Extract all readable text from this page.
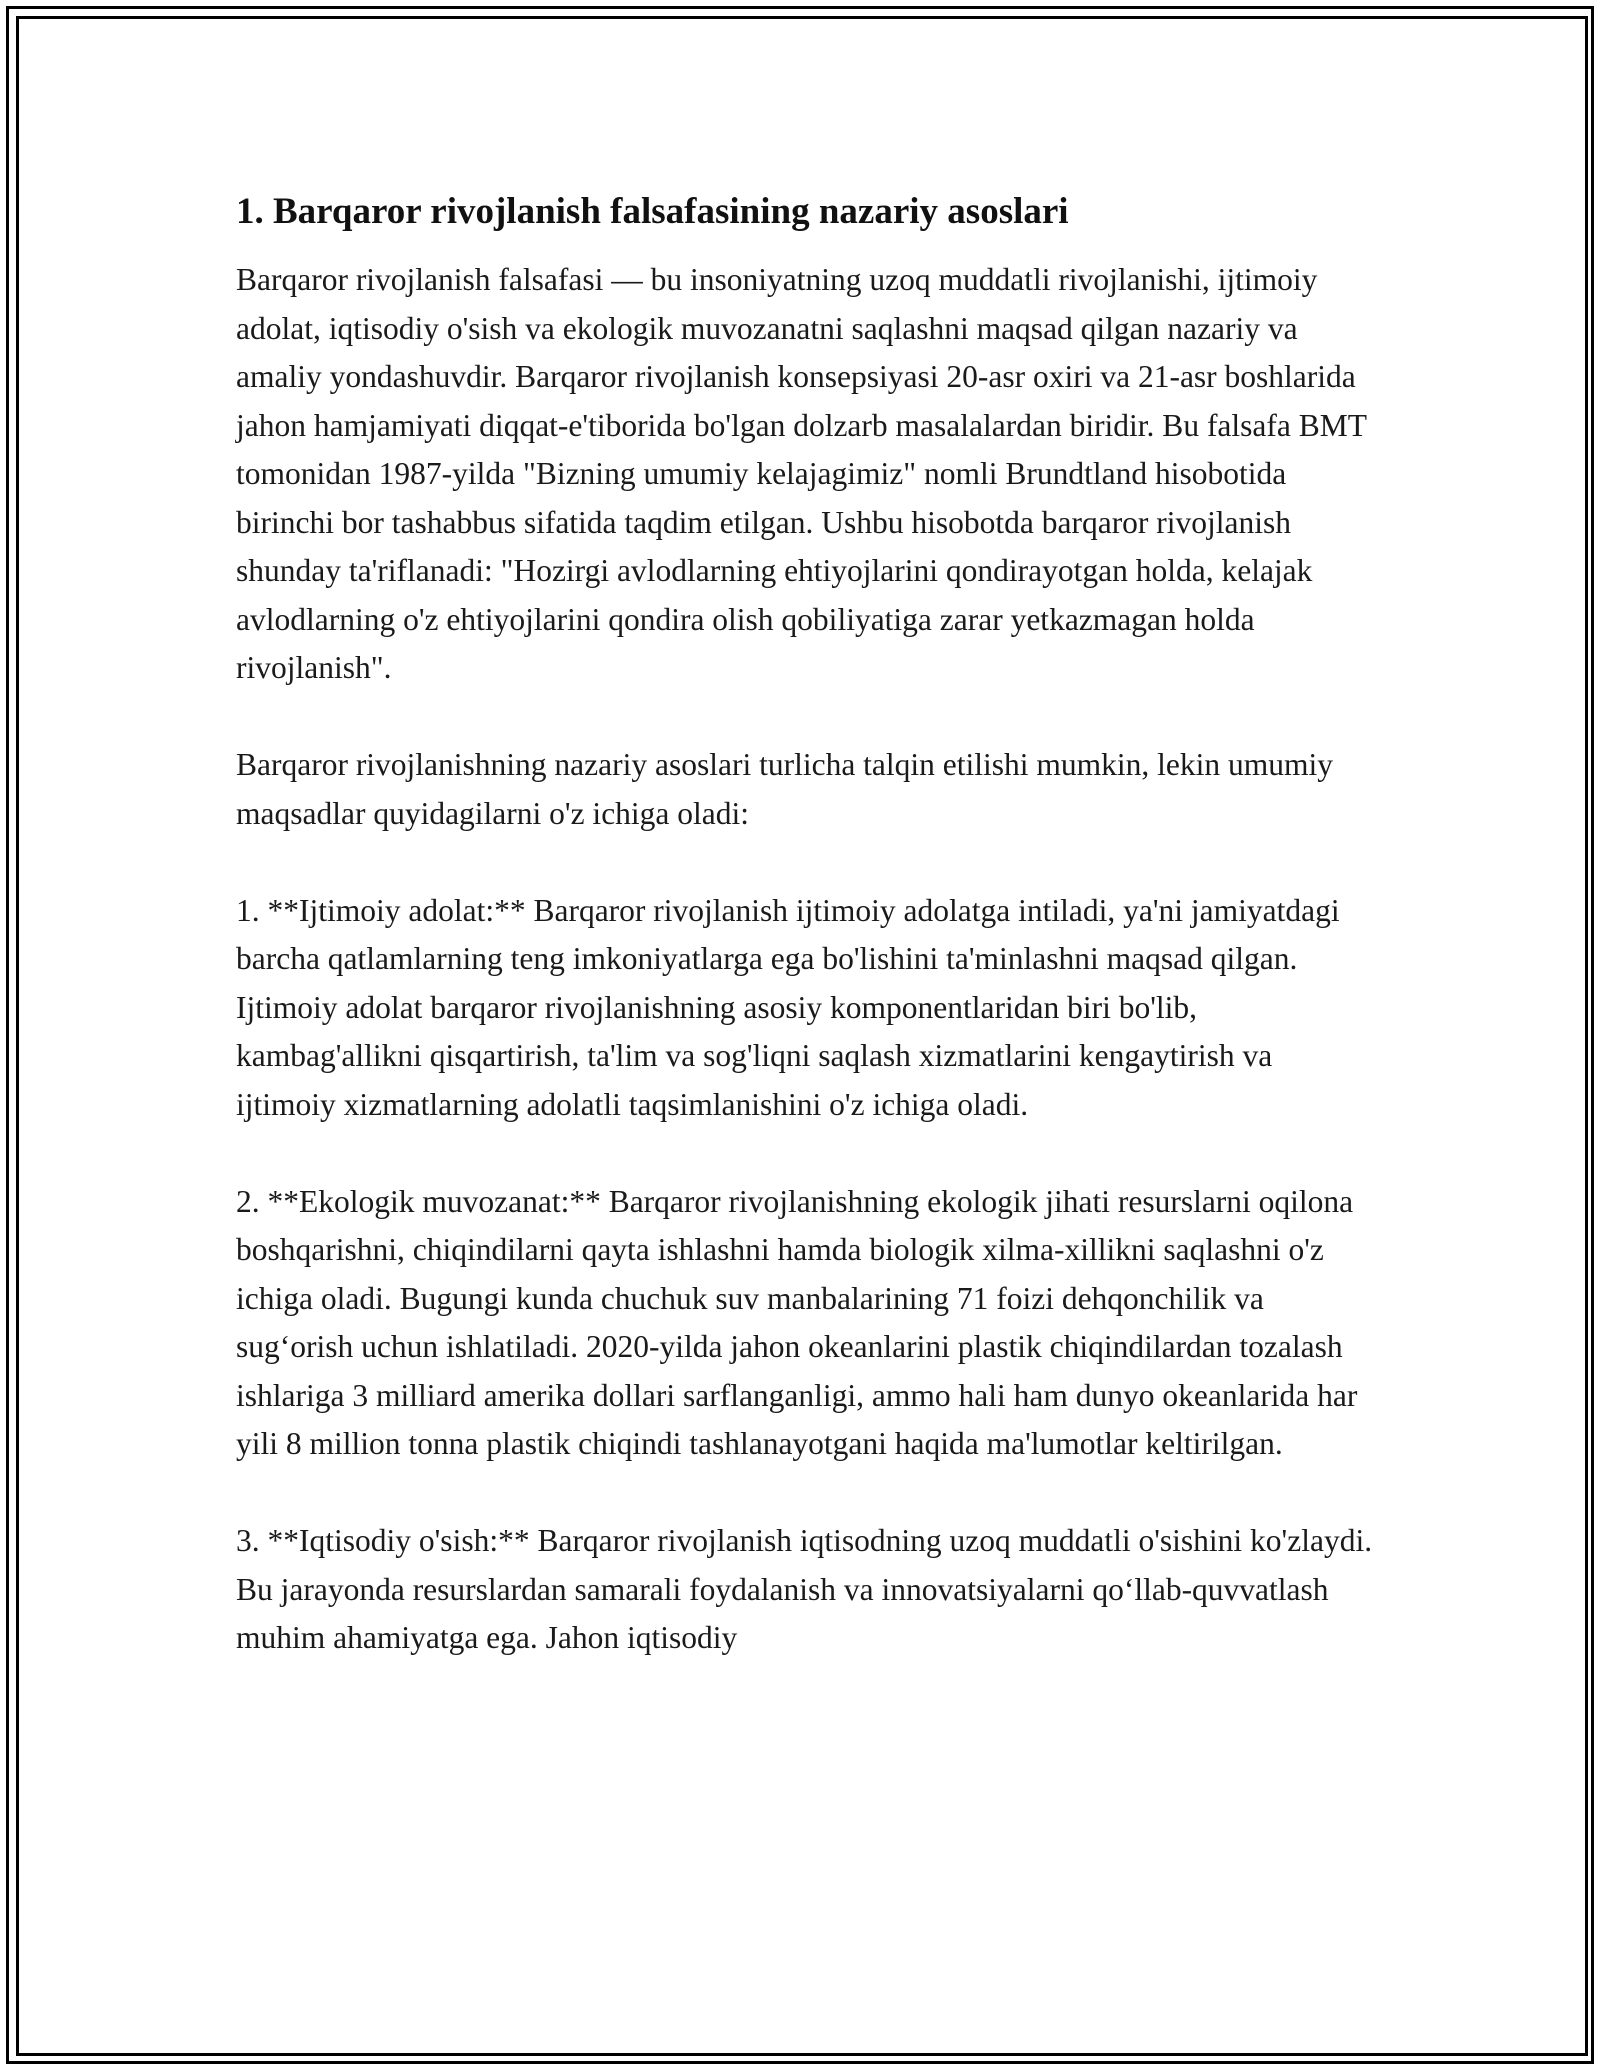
1. Barqaror rivojlanish falsafasining nazariy asoslari

Barqaror rivojlanish falsafasi — bu insoniyatning uzoq muddatli rivojlanishi, ijtimoiy adolat, iqtisodiy o'sish va ekologik muvozanatni saqlashni maqsad qilgan nazariy va amaliy yondashuvdir. Barqaror rivojlanish konsepsiyasi 20-asr oxiri va 21-asr boshlarida jahon hamjamiyati diqqat-e'tiborida bo'lgan dolzarb masalalardan biridir. Bu falsafa BMT tomonidan 1987-yilda "Bizning umumiy kelajagimiz" nomli Brundtland hisobotida birinchi bor tashabbus sifatida taqdim etilgan. Ushbu hisobotda barqaror rivojlanish shunday ta'riflanadi: "Hozirgi avlodlarning ehtiyojlarini qondirayotgan holda, kelajak avlodlarning o'z ehtiyojlarini qondira olish qobiliyatiga zarar yetkazmagan holda rivojlanish".

Barqaror rivojlanishning nazariy asoslari turlicha talqin etilishi mumkin, lekin umumiy maqsadlar quyidagilarni o'z ichiga oladi:

1. **Ijtimoiy adolat:** Barqaror rivojlanish ijtimoiy adolatga intiladi, ya'ni jamiyatdagi barcha qatlamlarning teng imkoniyatlarga ega bo'lishini ta'minlashni maqsad qilgan. Ijtimoiy adolat barqaror rivojlanishning asosiy komponentlaridan biri bo'lib, kambag'allikni qisqartirish, ta'lim va sog'liqni saqlash xizmatlarini kengaytirish va ijtimoiy xizmatlarning adolatli taqsimlanishini o'z ichiga oladi.

2. **Ekologik muvozanat:** Barqaror rivojlanishning ekologik jihati resurslarni oqilona boshqarishni, chiqindilarni qayta ishlashni hamda biologik xilma-xillikni saqlashni o'z ichiga oladi. Bugungi kunda chuchuk suv manbalarining 71 foizi dehqonchilik va sug‘orish uchun ishlatiladi. 2020-yilda jahon okeanlarini plastik chiqindilardan tozalash ishlariga 3 milliard amerika dollari sarflanganligi, ammo hali ham dunyo okeanlarida har yili 8 million tonna plastik chiqindi tashlanayotgani haqida ma'lumotlar keltirilgan.

3. **Iqtisodiy o'sish:** Barqaror rivojlanish iqtisodning uzoq muddatli o'sishini ko'zlaydi. Bu jarayonda resurslardan samarali foydalanish va innovatsiyalarni qo‘llab-quvvatlash muhim ahamiyatga ega. Jahon iqtisodiy
